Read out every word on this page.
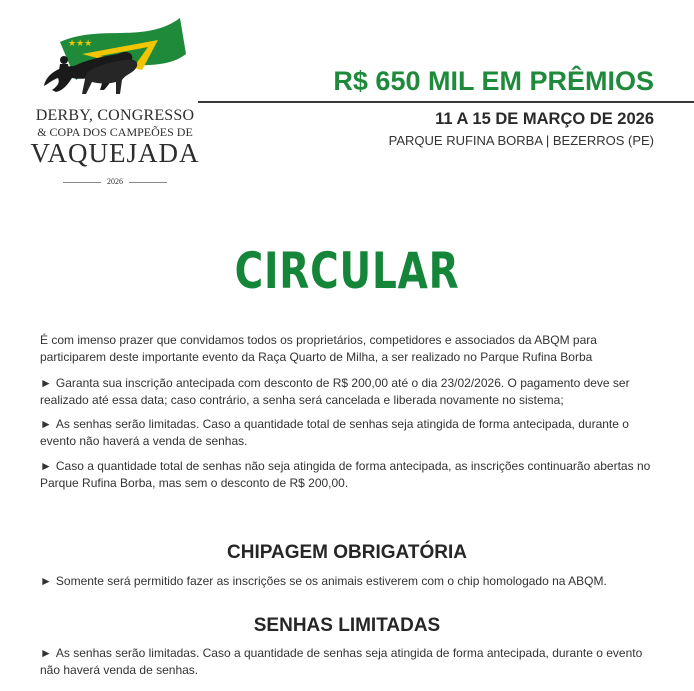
★★★
DERBY, CONGRESSO
& COPA DOS CAMPEÕES DE
VAQUEJADA
2026
R$ 650 MIL EM PRÊMIOS
11 A 15 DE MARÇO DE 2026
PARQUE RUFINA BORBA | BEZERROS (PE)
CIRCULAR
É com imenso prazer que convidamos todos os proprietários, competidores e associados da ABQM para participarem deste importante evento da Raça Quarto de Milha, a ser realizado no Parque Rufina Borba
► Garanta sua inscrição antecipada com desconto de R$ 200,00 até o dia 23/02/2026. O pagamento deve ser realizado até essa data; caso contrário, a senha será cancelada e liberada novamente no sistema;
► As senhas serão limitadas. Caso a quantidade total de senhas seja atingida de forma antecipada, durante o evento não haverá a venda de senhas.
► Caso a quantidade total de senhas não seja atingida de forma antecipada, as inscrições continuarão abertas no Parque Rufina Borba, mas sem o desconto de R$ 200,00.
CHIPAGEM OBRIGATÓRIA
► Somente será permitido fazer as inscrições se os animais estiverem com o chip homologado na ABQM.
SENHAS LIMITADAS
► As senhas serão limitadas. Caso a quantidade de senhas seja atingida de forma antecipada, durante o evento não haverá venda de senhas.
